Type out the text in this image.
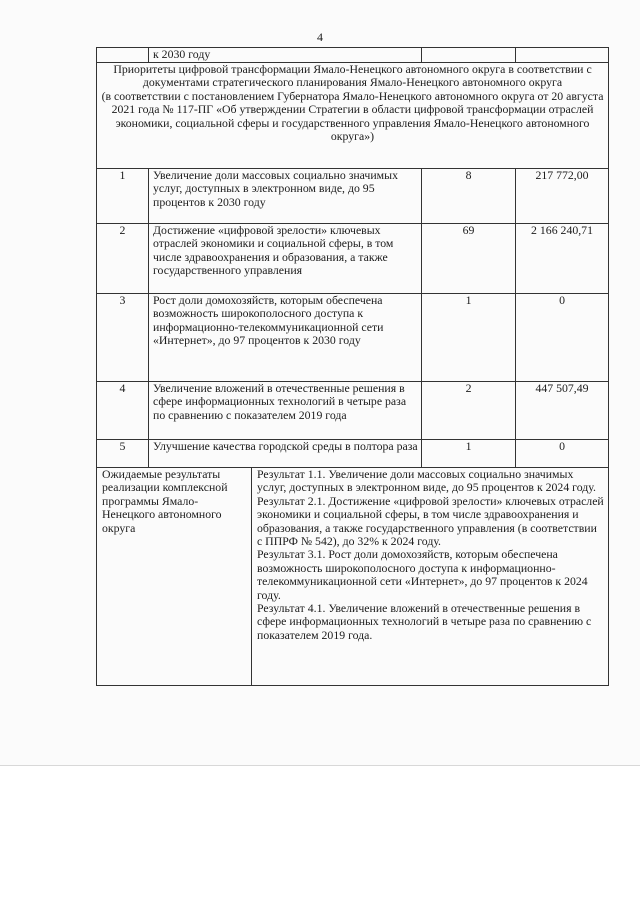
4
	к 2030 году			

Приоритеты цифровой трансформации Ямало-Ненецкого автономного округа в соответствии с документами стратегического планирования Ямало-Ненецкого автономного округа
(в соответствии с постановлением Губернатора Ямало-Ненецкого автономного округа от 20 августа 2021 года № 117-ПГ «Об утверждении Стратегии в области цифровой трансформации отраслей экономики, социальной сферы и государственного управления Ямало-Ненецкого автономного округа»)				

1	Увеличение доли массовых социально значимых услуг, доступных в электронном виде, до 95 процентов к 2030 году		8	217 772,00
2	Достижение «цифровой зрелости» ключевых отраслей экономики и социальной сферы, в том числе здравоохранения и образования, а также государственного управления		69	2 166 240,71
3	Рост доли домохозяйств, которым обеспечена возможность широкополосного доступа к информационно-телекоммуникационной сети «Интернет», до 97 процентов к 2030 году		1	0
4	Увеличение вложений в отечественные решения в сфере информационных технологий в четыре раза по сравнению с показателем 2019 года		2	447 507,49
5	Улучшение качества городской среды в полтора раза		1	0
Ожидаемые результаты реализации комплексной программы Ямало-Ненецкого автономного округа		Результат 1.1. Увеличение доли массовых социально значимых услуг, доступных в электронном виде, до 95 процентов к 2024 году.
Результат 2.1. Достижение «цифровой зрелости» ключевых отраслей экономики и социальной сферы, в том числе здравоохранения и образования, а также государственного управления (в соответствии с ППРФ № 542), до 32% к 2024 году.
Результат 3.1. Рост доли домохозяйств, которым обеспечена возможность широкополосного доступа к информационно-телекоммуникационной сети «Интернет», до 97 процентов к 2024 году.
Результат 4.1. Увеличение вложений в отечественные решения в сфере информационных технологий в четыре раза по сравнению с показателем 2019 года.		
